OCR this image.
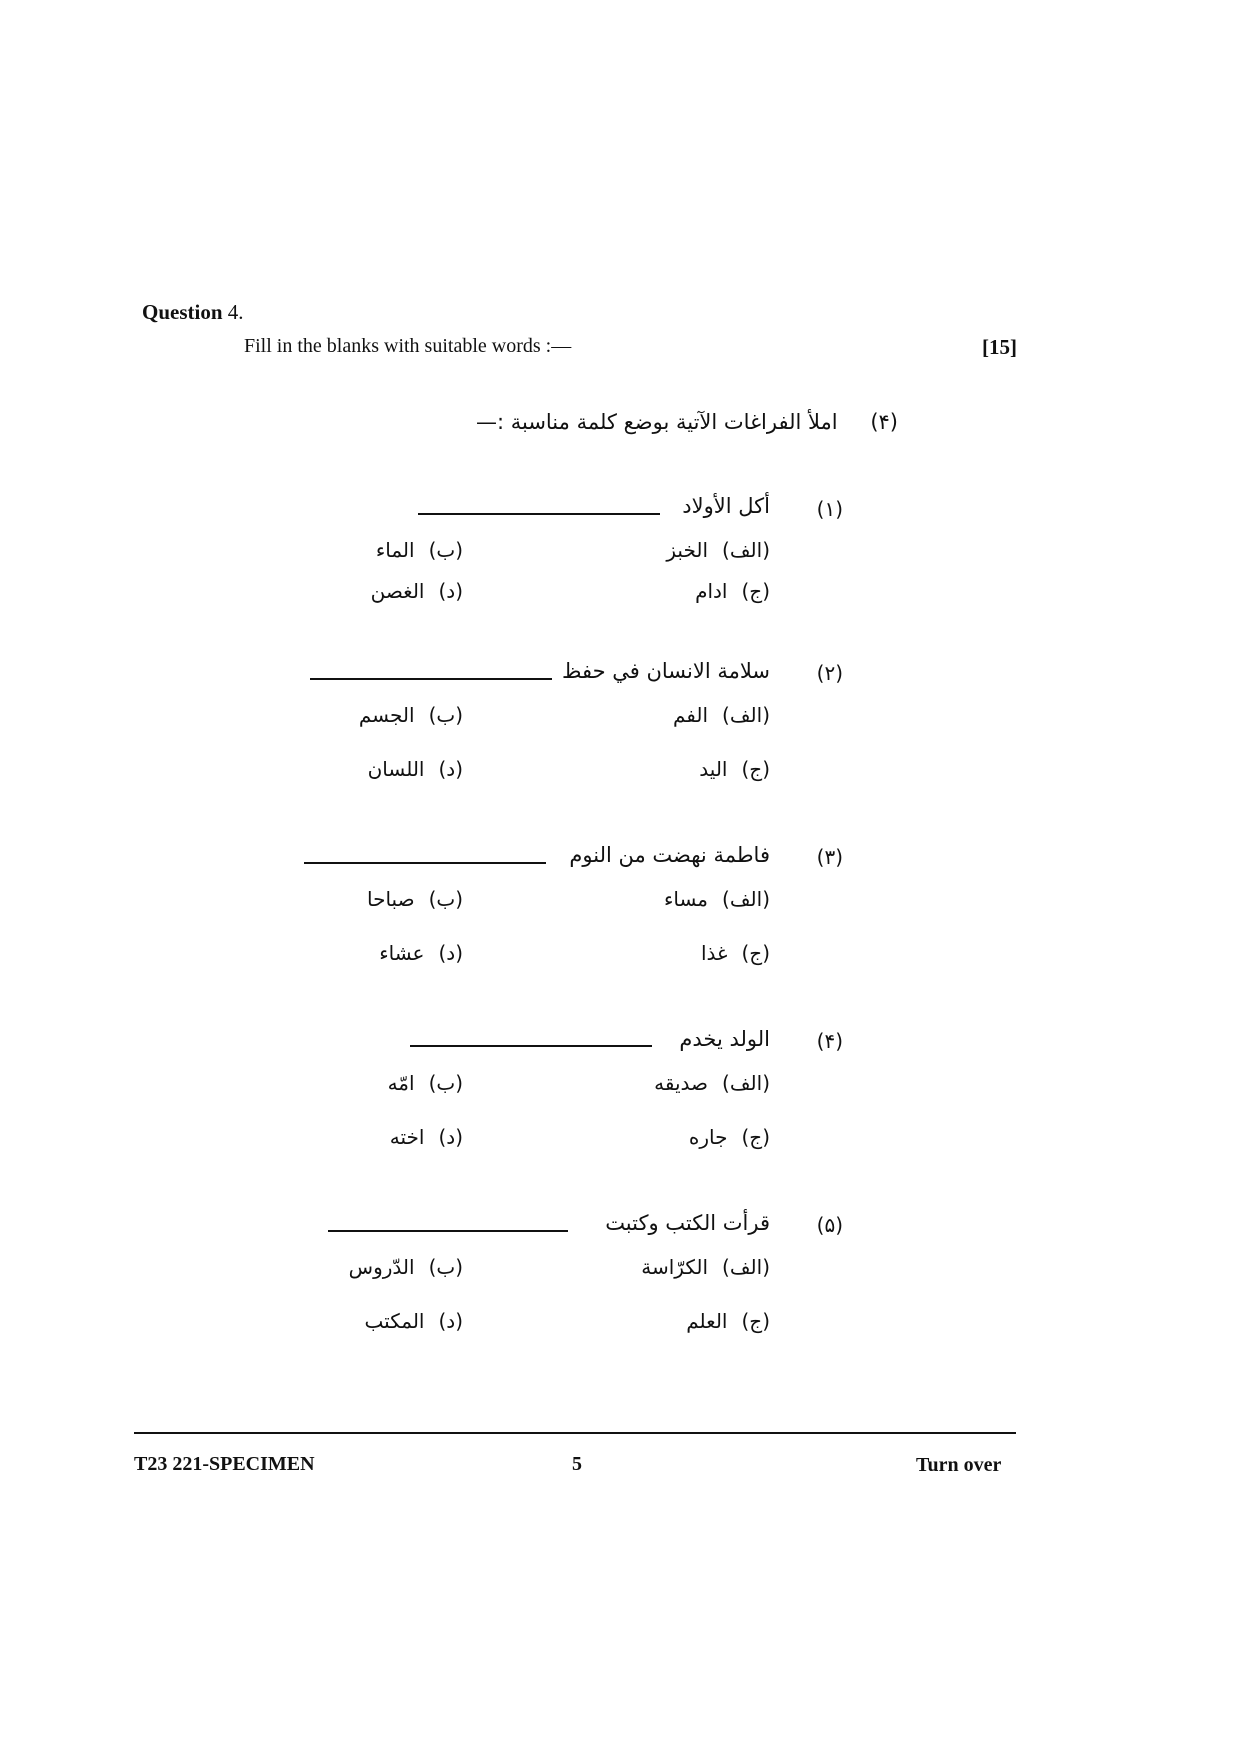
Question 4.
Fill in the blanks with suitable words :—	[15]
(۴) املأ الفراغات الآتية بوضع كلمة مناسبة :—
(۱)
أكل الأولاد
(الف)الخبز
(ب)الماء
(ج)ادام
(د)الغصن
(۲)
سلامة الانسان في حفظ
(الف)الفم
(ب)الجسم
(ج)اليد
(د)اللسان
(۳)
فاطمة نهضت من النوم
(الف)مساء
(ب)صباحا
(ج)غذا
(د)عشاء
(۴)
الولد يخدم
(الف)صديقه
(ب)امّه
(ج)جاره
(د)اخته
(۵)
قرأت الكتب وكتبت
(الف)الكرّاسة
(ب)الدّروس
(ج)العلم
(د)المكتب
T23 221-SPECIMEN	5	Turn over
